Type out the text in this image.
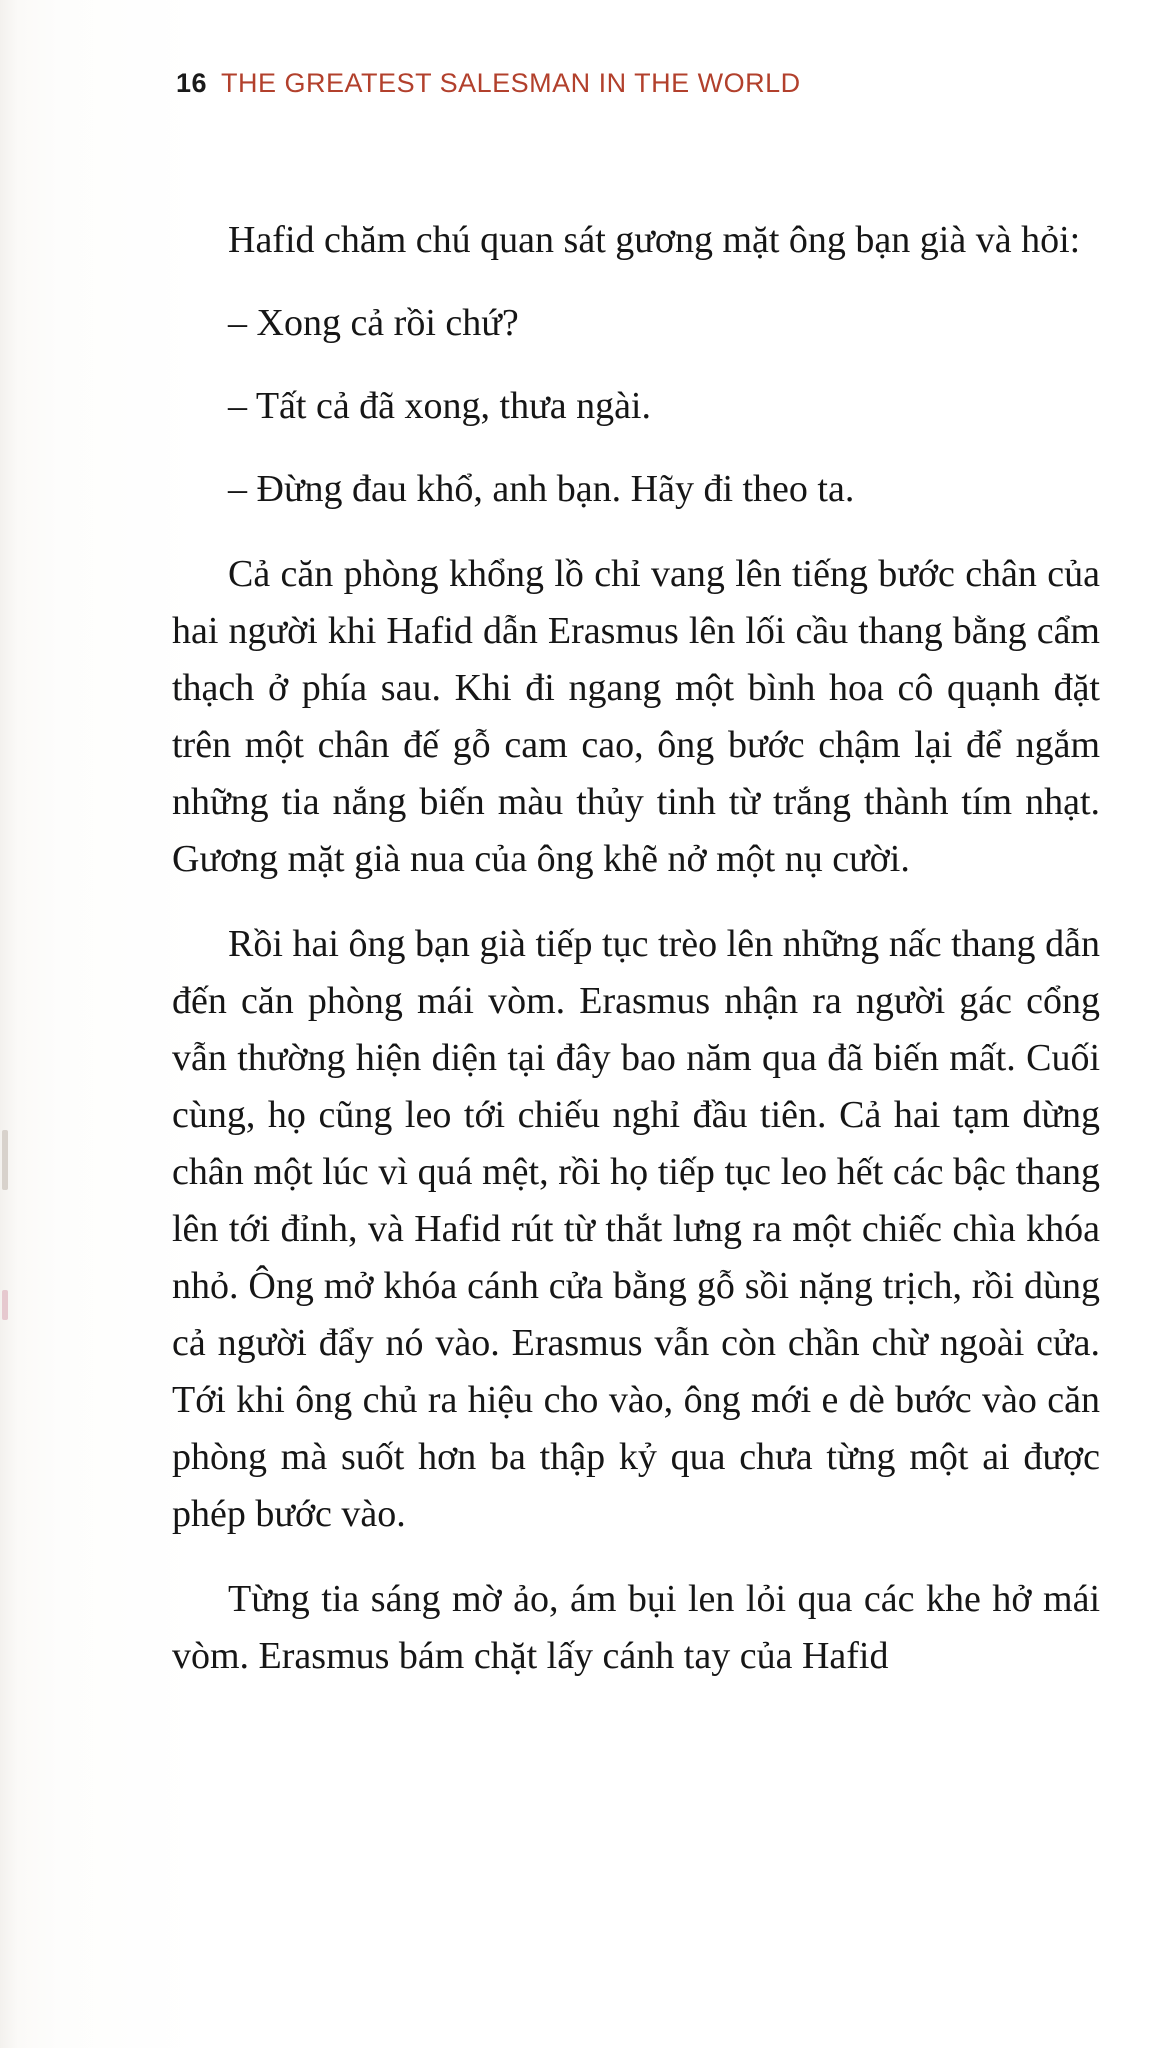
16 THE GREATEST SALESMAN IN THE WORLD

Hafid chăm chú quan sát gương mặt ông bạn già và hỏi:

– Xong cả rồi chứ?

– Tất cả đã xong, thưa ngài.

– Đừng đau khổ, anh bạn. Hãy đi theo ta.

Cả căn phòng khổng lồ chỉ vang lên tiếng bước chân của hai người khi Hafid dẫn Erasmus lên lối cầu thang bằng cẩm thạch ở phía sau. Khi đi ngang một bình hoa cô quạnh đặt trên một chân đế gỗ cam cao, ông bước chậm lại để ngắm những tia nắng biến màu thủy tinh từ trắng thành tím nhạt. Gương mặt già nua của ông khẽ nở một nụ cười.

Rồi hai ông bạn già tiếp tục trèo lên những nấc thang dẫn đến căn phòng mái vòm. Erasmus nhận ra người gác cổng vẫn thường hiện diện tại đây bao năm qua đã biến mất. Cuối cùng, họ cũng leo tới chiếu nghỉ đầu tiên. Cả hai tạm dừng chân một lúc vì quá mệt, rồi họ tiếp tục leo hết các bậc thang lên tới đỉnh, và Hafid rút từ thắt lưng ra một chiếc chìa khóa nhỏ. Ông mở khóa cánh cửa bằng gỗ sồi nặng trịch, rồi dùng cả người đẩy nó vào. Erasmus vẫn còn chần chừ ngoài cửa. Tới khi ông chủ ra hiệu cho vào, ông mới e dè bước vào căn phòng mà suốt hơn ba thập kỷ qua chưa từng một ai được phép bước vào.

Từng tia sáng mờ ảo, ám bụi len lỏi qua các khe hở mái vòm. Erasmus bám chặt lấy cánh tay của Hafid
